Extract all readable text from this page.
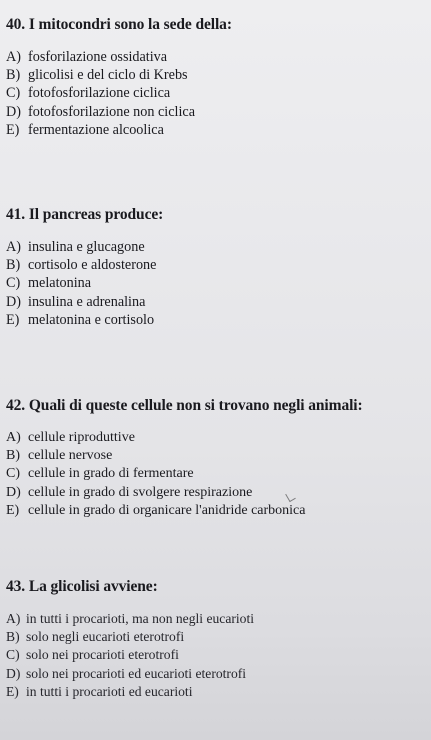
40. I mitocondri sono la sede della:
A) fosforilazione ossidativa
B) glicolisi e del ciclo di Krebs
C) fotofosforilazione ciclica
D) fotofosforilazione non ciclica
E) fermentazione alcoolica
41. Il pancreas produce:
A) insulina e glucagone
B) cortisolo e aldosterone
C) melatonina
D) insulina e adrenalina
E) melatonina e cortisolo
42. Quali di queste cellule non si trovano negli animali:
A) cellule riproduttive
B) cellule nervose
C) cellule in grado di fermentare
D) cellule in grado di svolgere respirazione
E) cellule in grado di organicare l'anidride carbonica
43. La glicolisi avviene:
A) in tutti i procarioti, ma non negli eucarioti
B) solo negli eucarioti eterotrofi
C) solo nei procarioti eterotrofi
D) solo nei procarioti ed eucarioti eterotrofi
E) in tutti i procarioti ed eucarioti
